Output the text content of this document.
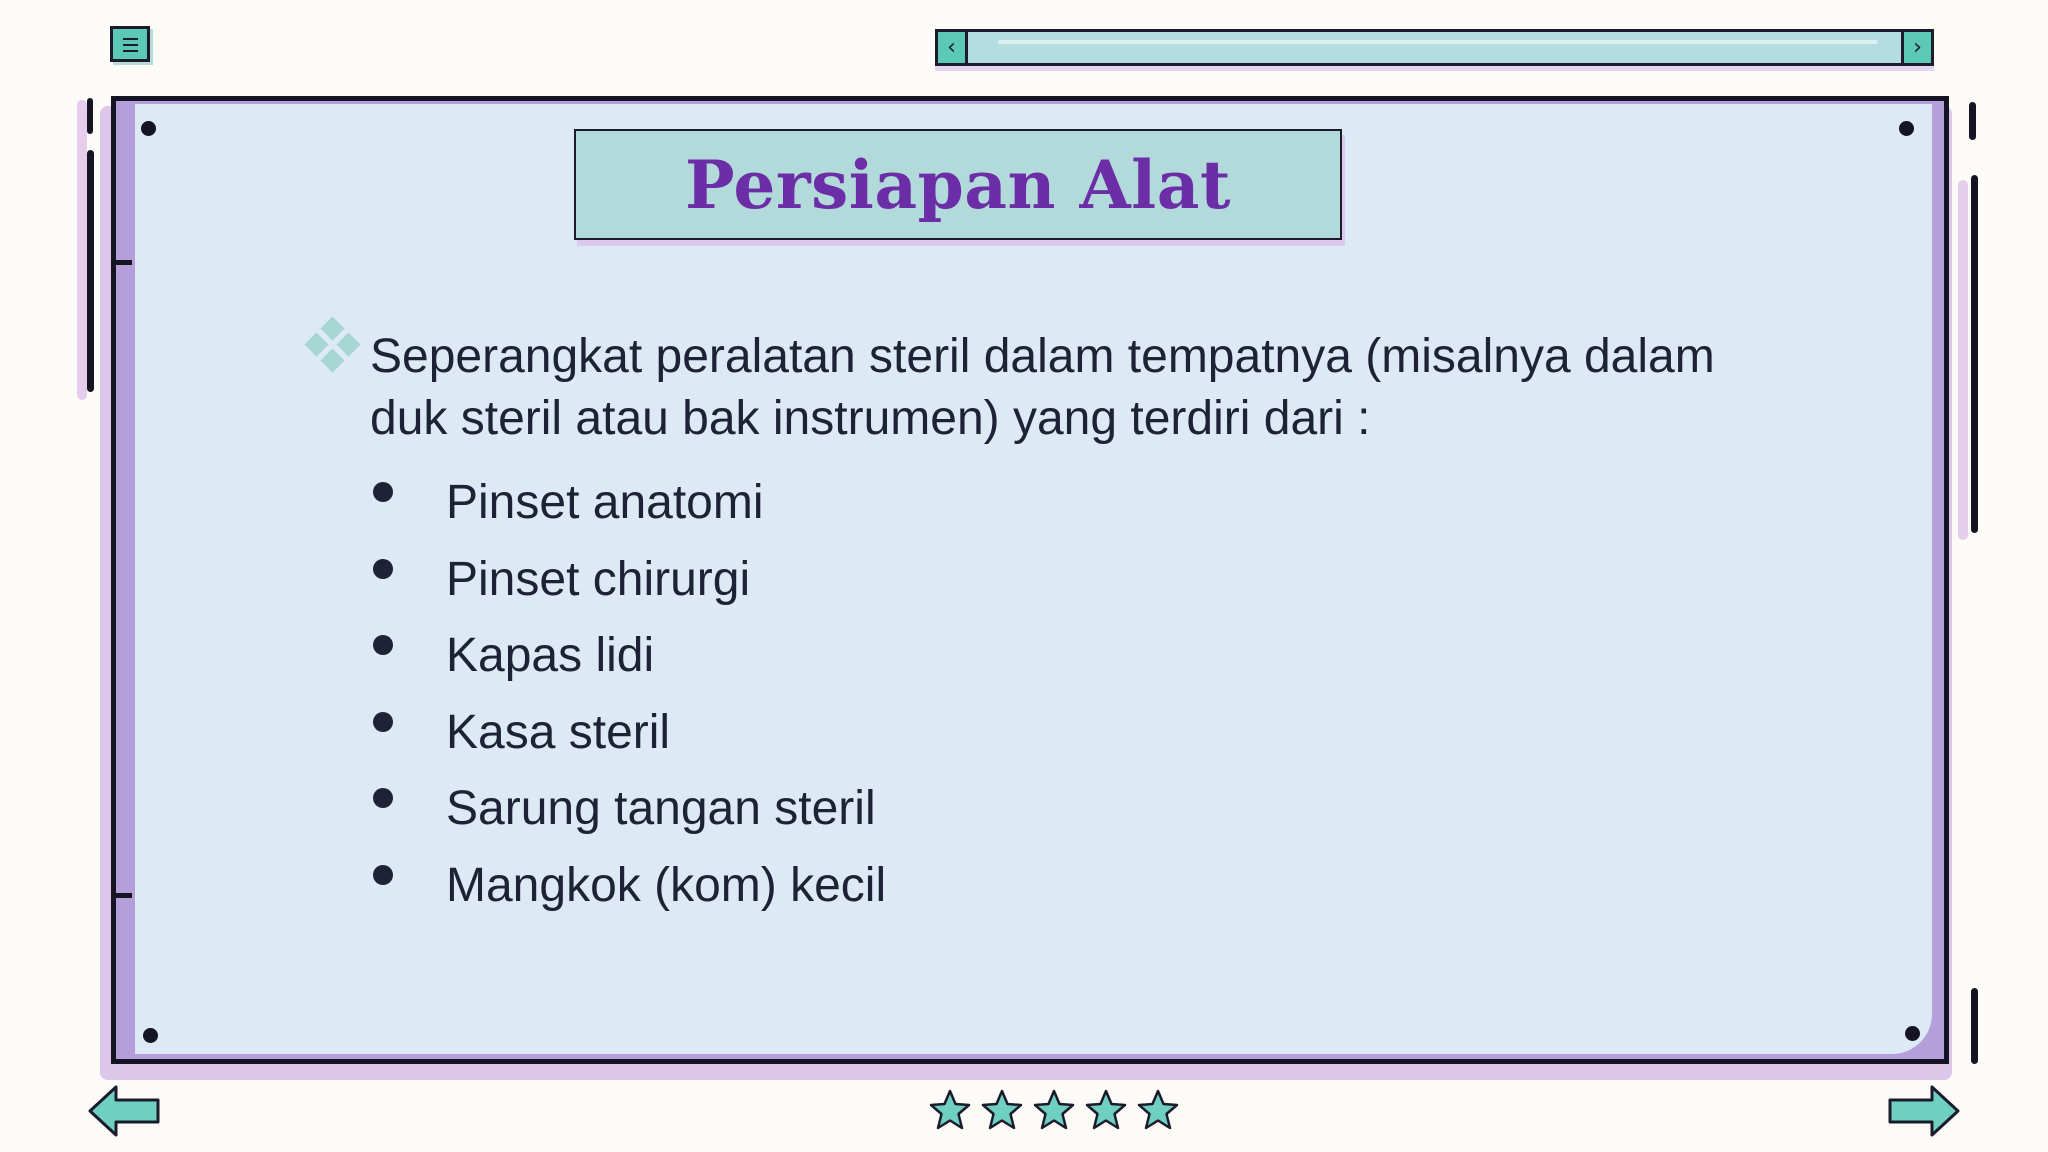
‹	›
Persiapan Alat
Seperangkat peralatan steril dalam tempatnya (misalnya dalam duk steril atau bak instrumen) yang terdiri dari :
Pinset anatomi
Pinset chirurgi
Kapas lidi
Kasa steril
Sarung tangan steril
Mangkok (kom) kecil
